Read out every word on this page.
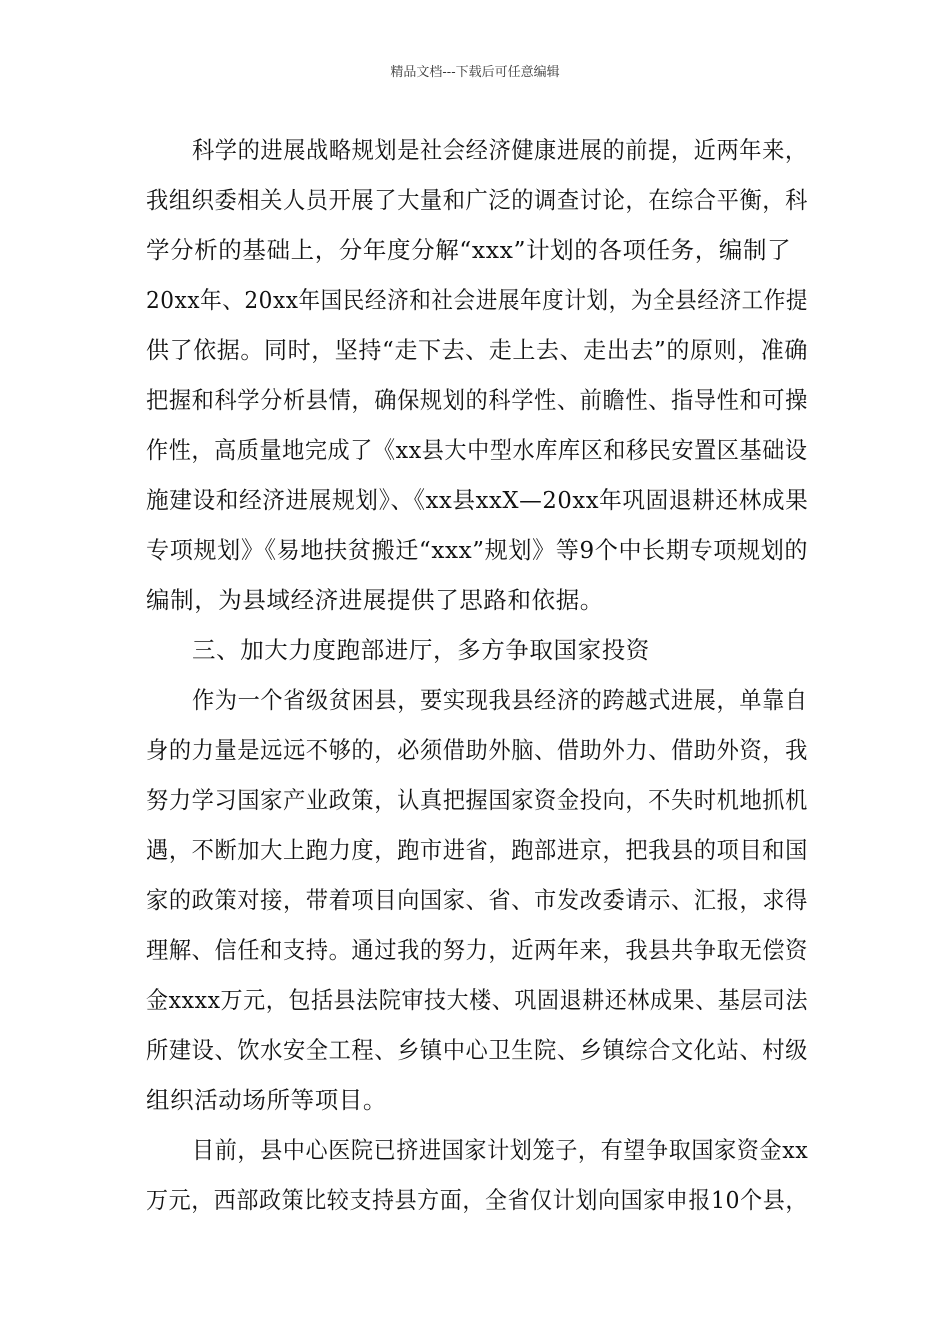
精品文档---下载后可任意编辑
科学的进展战略规划是社会经济健康进展的前提，近两年来，
我组织委相关人员开展了大量和广泛的调查讨论，在综合平衡，科
学分析的基础上，分年度分解“xxx”计划的各项任务，编制了
20xx年、20xx年国民经济和社会进展年度计划，为全县经济工作提
供了依据。同时，坚持“走下去、走上去、走出去”的原则，准确
把握和科学分析县情，确保规划的科学性、前瞻性、指导性和可操
作性，高质量地完成了《xx县大中型水库库区和移民安置区基础设
施建设和经济进展规划》、《xx县xxX—20xx年巩固退耕还林成果
专项规划》《易地扶贫搬迁“xxx”规划》等9个中长期专项规划的
编制，为县域经济进展提供了思路和依据。
三、加大力度跑部进厅，多方争取国家投资
作为一个省级贫困县，要实现我县经济的跨越式进展，单靠自
身的力量是远远不够的，必须借助外脑、借助外力、借助外资，我
努力学习国家产业政策，认真把握国家资金投向，不失时机地抓机
遇，不断加大上跑力度，跑市进省，跑部进京，把我县的项目和国
家的政策对接，带着项目向国家、省、市发改委请示、汇报，求得
理解、信任和支持。通过我的努力，近两年来，我县共争取无偿资
金xxxx万元，包括县法院审技大楼、巩固退耕还林成果、基层司法
所建设、饮水安全工程、乡镇中心卫生院、乡镇综合文化站、村级
组织活动场所等项目。
目前，县中心医院已挤进国家计划笼子，有望争取国家资金xx
万元，西部政策比较支持县方面，全省仅计划向国家申报10个县，
